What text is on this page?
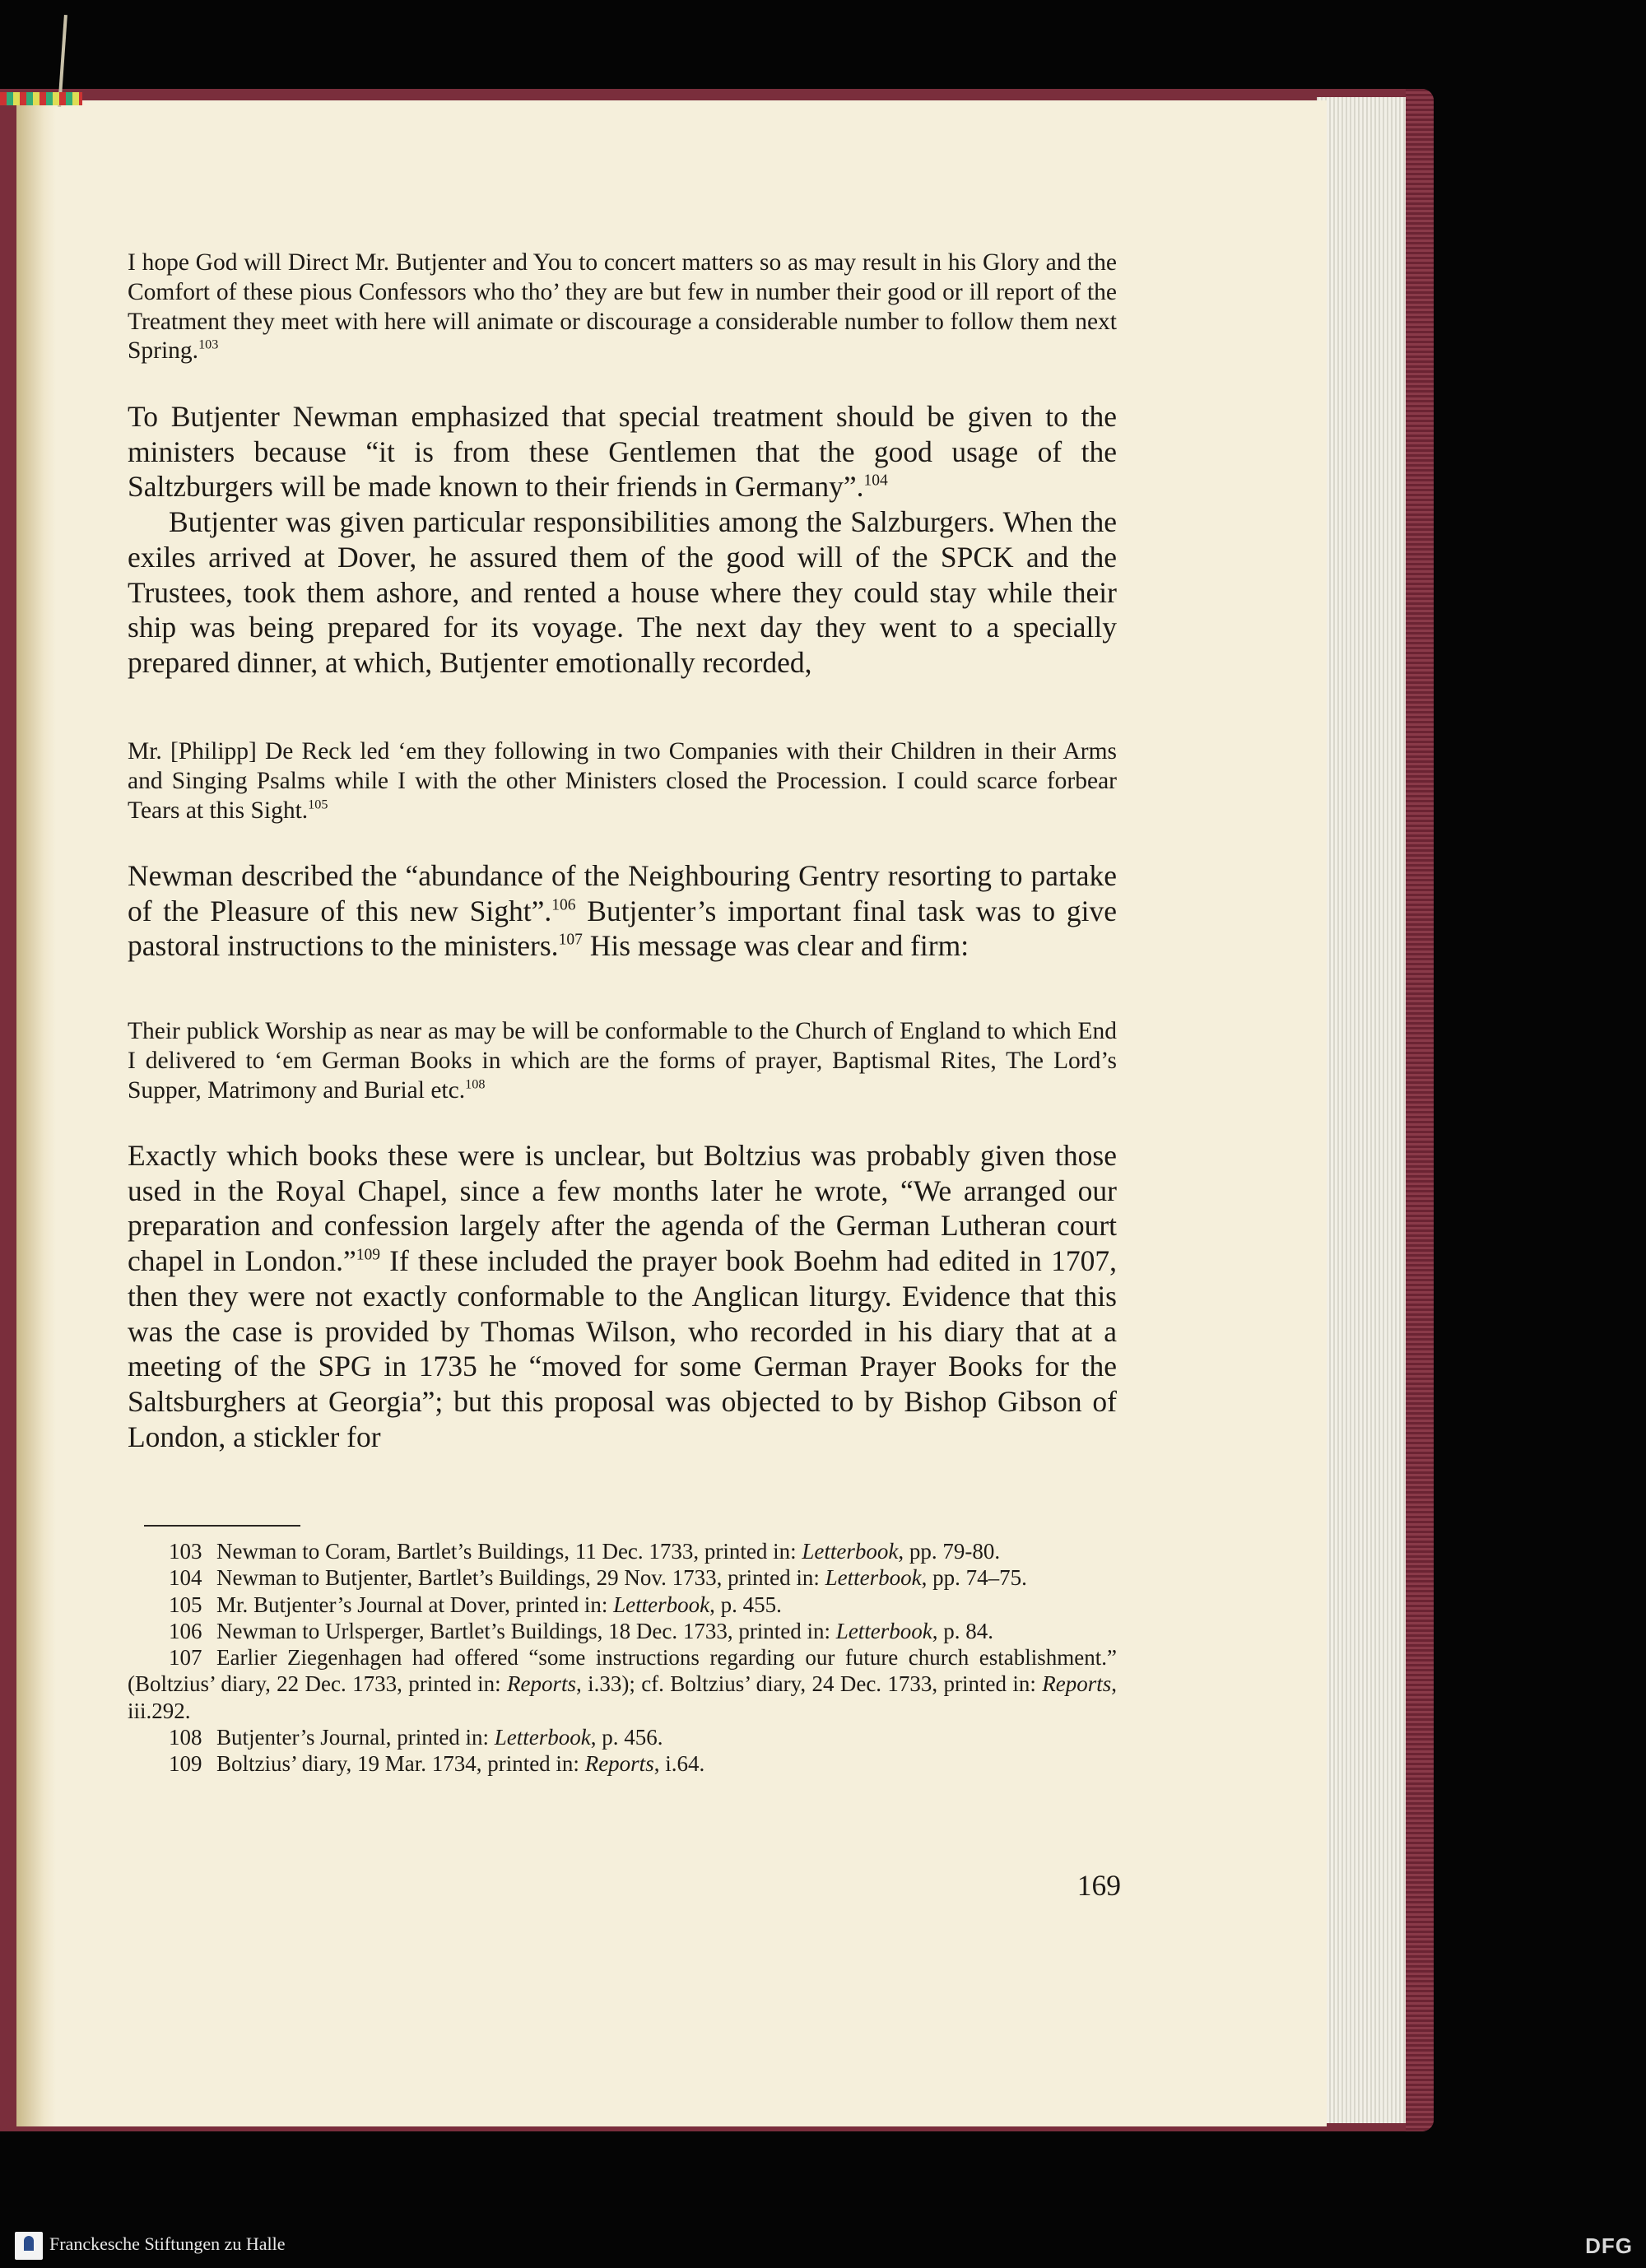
I hope God will Direct Mr. Butjenter and You to concert matters so as may result in his Glory and the Comfort of these pious Confessors who tho’ they are but few in number their good or ill report of the Treatment they meet with here will animate or discourage a considerable number to follow them next Spring.$^{103}$

To Butjenter Newman emphasized that special treatment should be given to the ministers because “it is from these Gentlemen that the good usage of the Saltzburgers will be made known to their friends in Germany”.$^{104}$

Butjenter was given particular responsibilities among the Salzburgers. When the exiles arrived at Dover, he assured them of the good will of the SPCK and the Trustees, took them ashore, and rented a house where they could stay while their ship was being prepared for its voyage. The next day they went to a specially prepared dinner, at which, Butjenter emotionally recorded,

Mr. [Philipp] De Reck led ‘em they following in two Companies with their Children in their Arms and Singing Psalms while I with the other Ministers closed the Procession. I could scarce forbear Tears at this Sight.$^{105}$

Newman described the “abundance of the Neighbouring Gentry resorting to partake of the Pleasure of this new Sight”.$^{106}$ Butjenter’s important final task was to give pastoral instructions to the ministers.$^{107}$ His message was clear and firm:

Their publick Worship as near as may be will be conformable to the Church of England to which End I delivered to ‘em German Books in which are the forms of prayer, Baptismal Rites, The Lord’s Supper, Matrimony and Burial etc.$^{108}$

Exactly which books these were is unclear, but Boltzius was probably given those used in the Royal Chapel, since a few months later he wrote, “We arranged our preparation and confession largely after the agenda of the German Lutheran court chapel in London.”$^{109}$ If these included the prayer book Boehm had edited in 1707, then they were not exactly conformable to the Anglican liturgy. Evidence that this was the case is provided by Thomas Wilson, who recorded in his diary that at a meeting of the SPG in 1735 he “moved for some German Prayer Books for the Saltsburghers at Georgia”; but this proposal was objected to by Bishop Gibson of London, a stickler for

103 Newman to Coram, Bartlet’s Buildings, 11 Dec. 1733, printed in: Letterbook, pp. 79-80.

104 Newman to Butjenter, Bartlet’s Buildings, 29 Nov. 1733, printed in: Letterbook, pp. 74–75.

105 Mr. Butjenter’s Journal at Dover, printed in: Letterbook, p. 455.

106 Newman to Urlsperger, Bartlet’s Buildings, 18 Dec. 1733, printed in: Letterbook, p. 84.

107 Earlier Ziegenhagen had offered “some instructions regarding our future church establishment.” (Boltzius’ diary, 22 Dec. 1733, printed in: Reports, i.33); cf. Boltzius’ diary, 24 Dec. 1733, printed in: Reports, iii.292.

108 Butjenter’s Journal, printed in: Letterbook, p. 456.

109 Boltzius’ diary, 19 Mar. 1734, printed in: Reports, i.64.

169
Franckesche Stiftungen zu Halle	DFG
